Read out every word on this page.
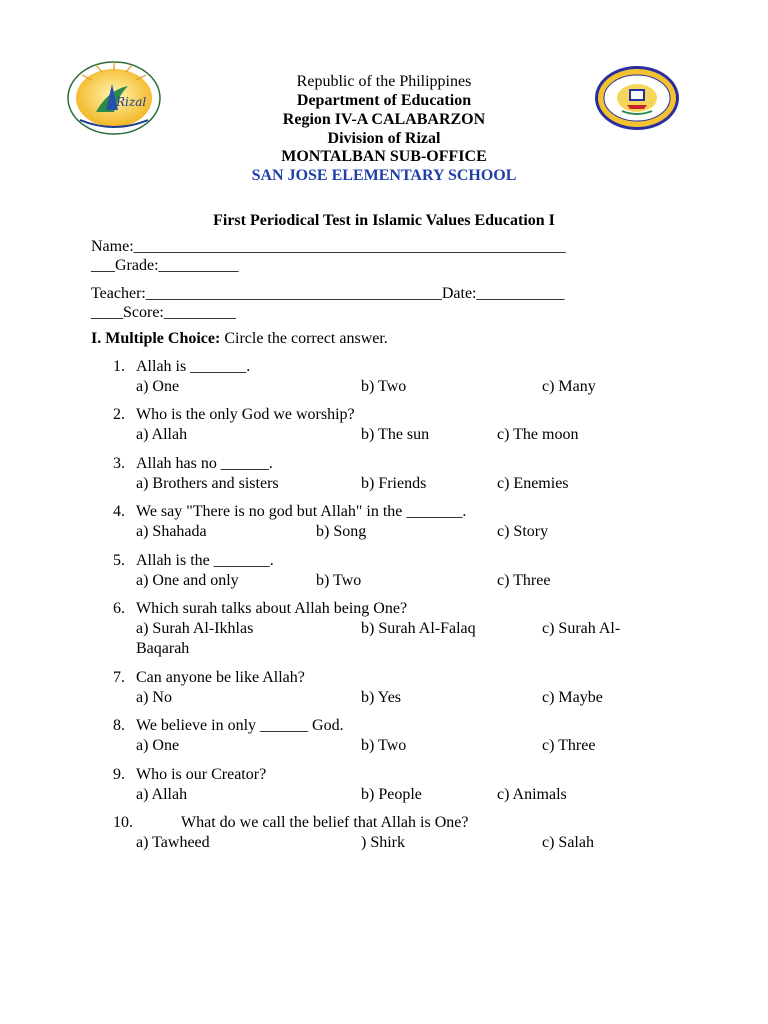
Rizal
Republic of the Philippines
Department of Education
Region IV-A CALABARZON
Division of Rizal
MONTALBAN SUB-OFFICE
SAN JOSE ELEMENTARY SCHOOL
First Periodical Test in Islamic Values Education I
Name:______________________________________________________
___Grade:__________
Teacher:_____________________________________Date:___________
____Score:_________
I. Multiple Choice: Circle the correct answer.
1. Allah is _______.
a) One	b) Two	c) Many
2. Who is the only God we worship?
a) Allah	b) The sun	c) The moon
3. Allah has no ______.
a) Brothers and sisters	b) Friends	c) Enemies
4. We say "There is no god but Allah" in the _______.
a) Shahada	b) Song	c) Story
5. Allah is the _______.
a) One and only	b) Two	c) Three
6. Which surah talks about Allah being One?
a) Surah Al-Ikhlas	b) Surah Al-Falaq	c) Surah Al-
Baqarah
7. Can anyone be like Allah?
a) No	b) Yes	c) Maybe
8. We believe in only ______ God.
a) One	b) Two	c) Three
9. Who is our Creator?
a) Allah	b) People	c) Animals
10.	What do we call the belief that Allah is One?
a) Tawheed	) Shirk	c) Salah
